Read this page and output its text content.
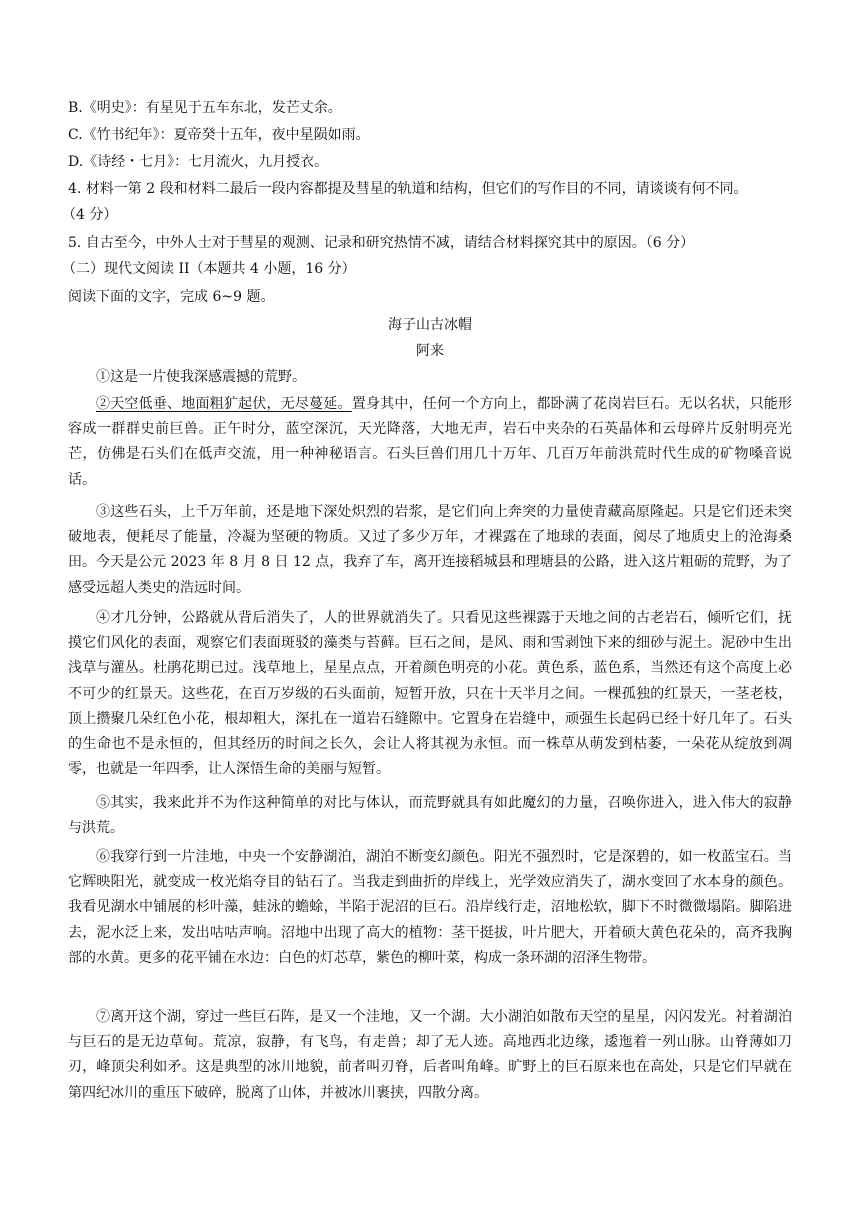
B.《明史》：有星见于五车东北，发芒丈余。
C.《竹书纪年》：夏帝癸十五年，夜中星陨如雨。
D.《诗经・七月》：七月流火，九月授衣。
4. 材料一第 2 段和材料二最后一段内容都提及彗星的轨道和结构，但它们的写作目的不同，请谈谈有何不同。
（4 分）
5. 自古至今，中外人士对于彗星的观测、记录和研究热情不减，请结合材料探究其中的原因。（6 分）
（二）现代文阅读 II（本题共 4 小题，16 分）
阅读下面的文字，完成 6~9 题。
海子山古冰帽
阿来
①这是一片使我深感震撼的荒野。
②天空低垂、地面粗犷起伏，无尽蔓延。置身其中，任何一个方向上，都卧满了花岗岩巨石。无以名状，只能形容成一群群史前巨兽。正午时分，蓝空深沉，天光降落，大地无声，岩石中夹杂的石英晶体和云母碎片反射明亮光芒，仿佛是石头们在低声交流，用一种神秘语言。石头巨兽们用几十万年、几百万年前洪荒时代生成的矿物嗓音说话。
③这些石头，上千万年前，还是地下深处炽烈的岩浆，是它们向上奔突的力量使青藏高原隆起。只是它们还未突破地表，便耗尽了能量，冷凝为坚硬的物质。又过了多少万年，才裸露在了地球的表面，阅尽了地质史上的沧海桑田。今天是公元 2023 年 8 月 8 日 12 点，我弃了车，离开连接稻城县和理塘县的公路，进入这片粗砺的荒野，为了感受远超人类史的浩远时间。
④才几分钟，公路就从背后消失了，人的世界就消失了。只看见这些裸露于天地之间的古老岩石，倾听它们，抚摸它们风化的表面，观察它们表面斑驳的藻类与苔藓。巨石之间，是风、雨和雪剥蚀下来的细砂与泥土。泥砂中生出浅草与灌丛。杜鹃花期已过。浅草地上，星星点点，开着颜色明亮的小花。黄色系，蓝色系，当然还有这个高度上必不可少的红景天。这些花，在百万岁级的石头面前，短暂开放，只在十天半月之间。一棵孤独的红景天，一茎老枝，顶上攒聚几朵红色小花，根却粗大，深扎在一道岩石缝隙中。它置身在岩缝中，顽强生长起码已经十好几年了。石头的生命也不是永恒的，但其经历的时间之长久，会让人将其视为永恒。而一株草从萌发到枯萎，一朵花从绽放到凋零，也就是一年四季，让人深悟生命的美丽与短暂。
⑤其实，我来此并不为作这种简单的对比与体认，而荒野就具有如此魔幻的力量，召唤你进入，进入伟大的寂静与洪荒。
⑥我穿行到一片洼地，中央一个安静湖泊，湖泊不断变幻颜色。阳光不强烈时，它是深碧的，如一枚蓝宝石。当它辉映阳光，就变成一枚光焰夺目的钻石了。当我走到曲折的岸线上，光学效应消失了，湖水变回了水本身的颜色。我看见湖水中铺展的杉叶藻，蛙泳的蟾蜍，半陷于泥沼的巨石。沿岸线行走，沼地松软，脚下不时微微塌陷。脚陷进去，泥水泛上来，发出咕咕声响。沼地中出现了高大的植物：茎干挺拔，叶片肥大，开着硕大黄色花朵的，高齐我胸部的水黄。更多的花平铺在水边：白色的灯芯草，紫色的柳叶菜，构成一条环湖的沼泽生物带。
⑦离开这个湖，穿过一些巨石阵，是又一个洼地，又一个湖。大小湖泊如散布天空的星星，闪闪发光。衬着湖泊与巨石的是无边草甸。荒凉，寂静，有飞鸟，有走兽；却了无人迹。高地西北边缘，逶迤着一列山脉。山脊薄如刀刃，峰顶尖利如矛。这是典型的冰川地貌，前者叫刃脊，后者叫角峰。旷野上的巨石原来也在高处，只是它们早就在第四纪冰川的重压下破碎，脱离了山体，并被冰川裹挟，四散分离。
